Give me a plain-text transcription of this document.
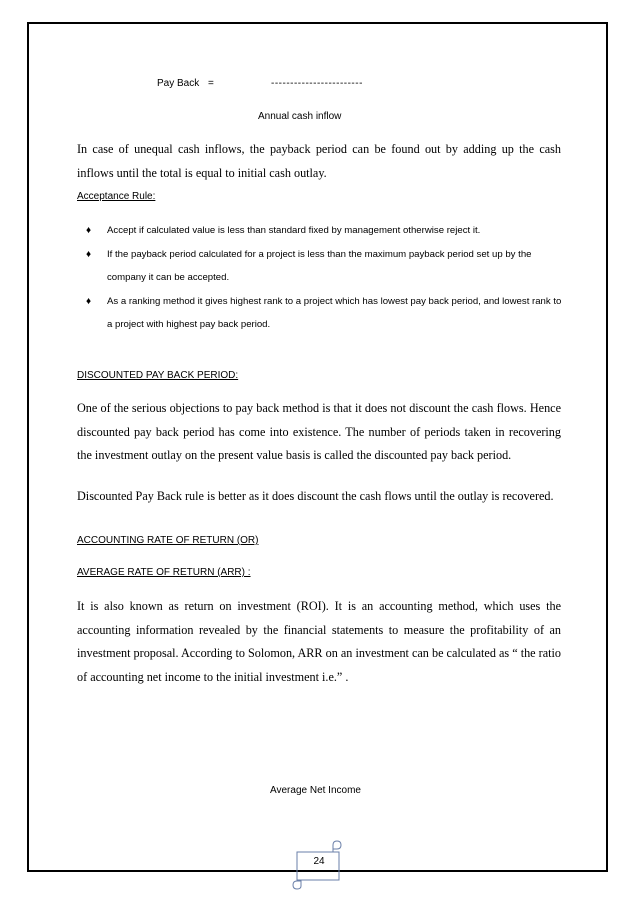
Pay Back =	------------------------
Annual cash inflow
In case of unequal cash inflows, the payback period can be found out by adding up the cash inflows until the total is equal to initial cash outlay.
Acceptance Rule:
♦ Accept if calculated value is less than standard fixed by management otherwise reject it.
♦ If the payback period calculated for a project is less than the maximum payback period set up by the company it can be accepted.
♦ As a ranking method it gives highest rank to a project which has lowest pay back period, and lowest rank to a project with highest pay back period.
DISCOUNTED PAY BACK PERIOD:
One of the serious objections to pay back method is that it does not discount the cash flows. Hence discounted pay back period has come into existence. The number of periods taken in recovering the investment outlay on the present value basis is called the discounted pay back period.
Discounted Pay Back rule is better as it does discount the cash flows until the outlay is recovered.
ACCOUNTING RATE OF RETURN (OR)
AVERAGE RATE OF RETURN (ARR) :
It is also known as return on investment (ROI). It is an accounting method, which uses the accounting information revealed by the financial statements to measure the profitability of an investment proposal. According to Solomon, ARR on an investment can be calculated as “ the ratio of accounting net income to the initial investment i.e.” .
Average Net Income
24
